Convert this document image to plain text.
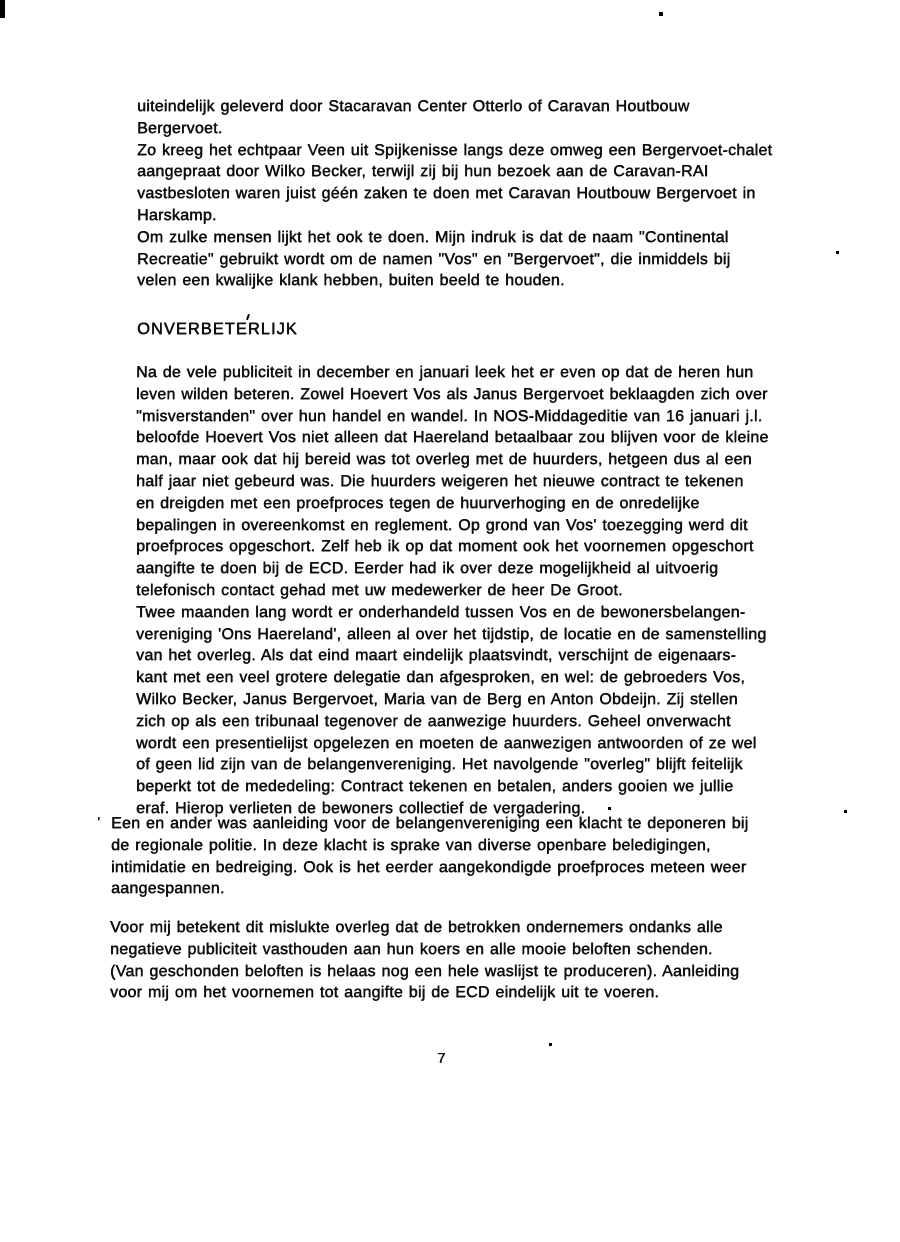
uiteindelijk geleverd door Stacaravan Center Otterlo of Caravan Houtbouw
Bergervoet.
Zo kreeg het echtpaar Veen uit Spijkenisse langs deze omweg een Bergervoet-chalet
aangepraat door Wilko Becker, terwijl zij bij hun bezoek aan de Caravan-RAI
vastbesloten waren juist géén zaken te doen met Caravan Houtbouw Bergervoet in
Harskamp.
Om zulke mensen lijkt het ook te doen. Mijn indruk is dat de naam "Continental
Recreatie" gebruikt wordt om de namen "Vos" en "Bergervoet", die inmiddels bij
velen een kwalijke klank hebben, buiten beeld te houden.
ONVERBETERLIJK
Na de vele publiciteit in december en januari leek het er even op dat de heren hun
leven wilden beteren. Zowel Hoevert Vos als Janus Bergervoet beklaagden zich over
"misverstanden" over hun handel en wandel. In NOS-Middageditie van 16 januari j.l.
beloofde Hoevert Vos niet alleen dat Haereland betaalbaar zou blijven voor de kleine
man, maar ook dat hij bereid was tot overleg met de huurders, hetgeen dus al een
half jaar niet gebeurd was. Die huurders weigeren het nieuwe contract te tekenen
en dreigden met een proefproces tegen de huurverhoging en de onredelijke
bepalingen in overeenkomst en reglement. Op grond van Vos' toezegging werd dit
proefproces opgeschort. Zelf heb ik op dat moment ook het voornemen opgeschort
aangifte te doen bij de ECD. Eerder had ik over deze mogelijkheid al uitvoerig
telefonisch contact gehad met uw medewerker de heer De Groot.
Twee maanden lang wordt er onderhandeld tussen Vos en de bewonersbelangen-
vereniging 'Ons Haereland', alleen al over het tijdstip, de locatie en de samenstelling
van het overleg. Als dat eind maart eindelijk plaatsvindt, verschijnt de eigenaars-
kant met een veel grotere delegatie dan afgesproken, en wel: de gebroeders Vos,
Wilko Becker, Janus Bergervoet, Maria van de Berg en Anton Obdeijn. Zij stellen
zich op als een tribunaal tegenover de aanwezige huurders. Geheel onverwacht
wordt een presentielijst opgelezen en moeten de aanwezigen antwoorden of ze wel
of geen lid zijn van de belangenvereniging. Het navolgende "overleg" blijft feitelijk
beperkt tot de mededeling: Contract tekenen en betalen, anders gooien we jullie
eraf. Hierop verlieten de bewoners collectief de vergadering.
' Een en ander was aanleiding voor de belangenvereniging een klacht te deponeren bij
de regionale politie. In deze klacht is sprake van diverse openbare beledigingen,
intimidatie en bedreiging. Ook is het eerder aangekondigde proefproces meteen weer
aangespannen.
Voor mij betekent dit mislukte overleg dat de betrokken ondernemers ondanks alle
negatieve publiciteit vasthouden aan hun koers en alle mooie beloften schenden.
(Van geschonden beloften is helaas nog een hele waslijst te produceren). Aanleiding
voor mij om het voornemen tot aangifte bij de ECD eindelijk uit te voeren.
7
